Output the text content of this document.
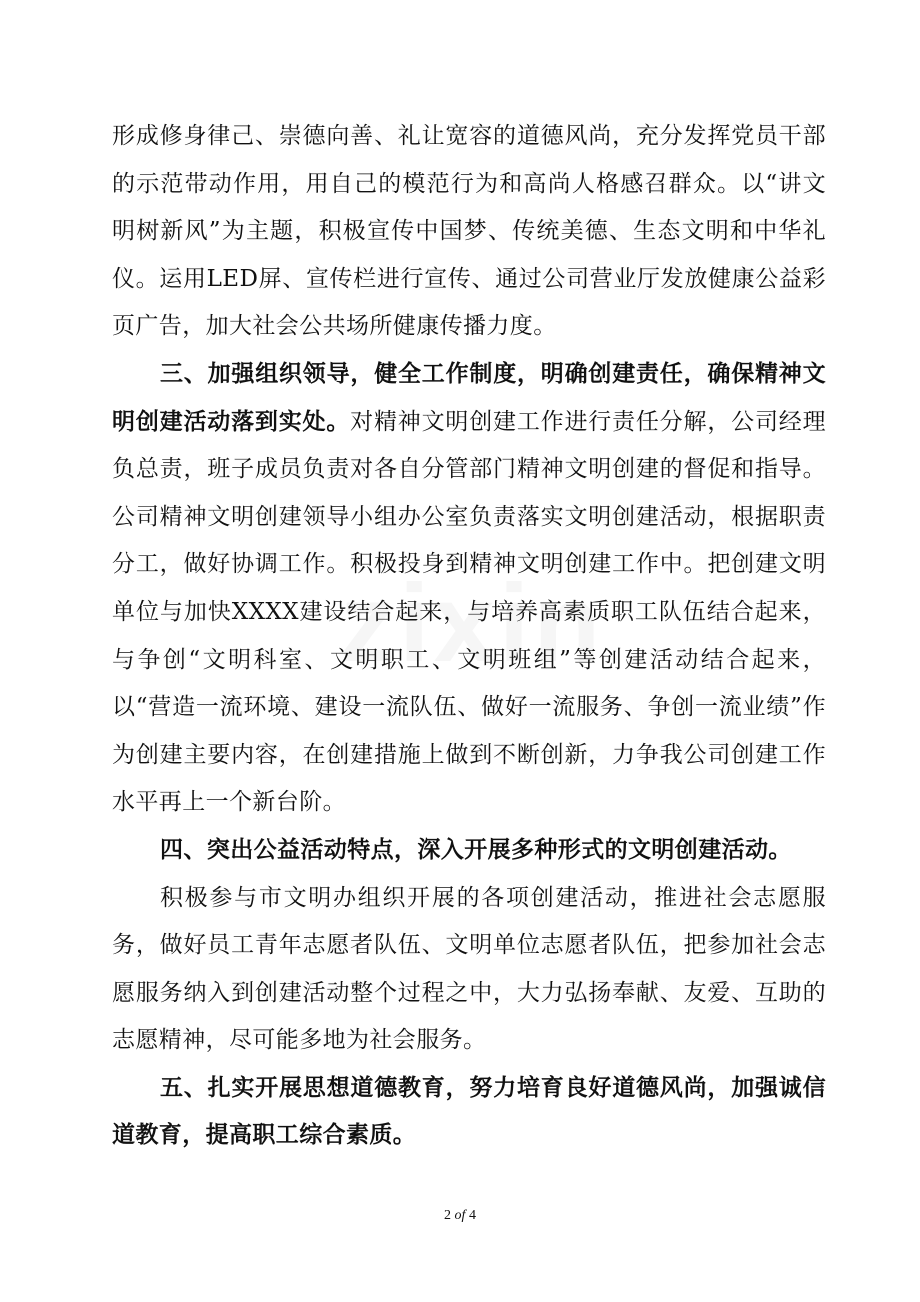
形成修身律己、崇德向善、礼让宽容的道德风尚，充分发挥党员干部的示范带动作用，用自己的模范行为和高尚人格感召群众。以“讲文明树新风”为主题，积极宣传中国梦、传统美德、生态文明和中华礼仪。运用LED屏、宣传栏进行宣传、通过公司营业厅发放健康公益彩页广告，加大社会公共场所健康传播力度。

三、加强组织领导，健全工作制度，明确创建责任，确保精神文明创建活动落到实处。对精神文明创建工作进行责任分解，公司经理负总责，班子成员负责对各自分管部门精神文明创建的督促和指导。公司精神文明创建领导小组办公室负责落实文明创建活动，根据职责分工，做好协调工作。积极投身到精神文明创建工作中。把创建文明单位与加快XXXX建设结合起来，与培养高素质职工队伍结合起来，与争创“文明科室、文明职工、文明班组”等创建活动结合起来，以“营造一流环境、建设一流队伍、做好一流服务、争创一流业绩”作为创建主要内容，在创建措施上做到不断创新，力争我公司创建工作水平再上一个新台阶。

四、突出公益活动特点，深入开展多种形式的文明创建活动。

积极参与市文明办组织开展的各项创建活动，推进社会志愿服务，做好员工青年志愿者队伍、文明单位志愿者队伍，把参加社会志愿服务纳入到创建活动整个过程之中，大力弘扬奉献、友爱、互助的志愿精神，尽可能多地为社会服务。

五、扎实开展思想道德教育，努力培育良好道德风尚，加强诚信道教育，提高职工综合素质。

2 of 4
